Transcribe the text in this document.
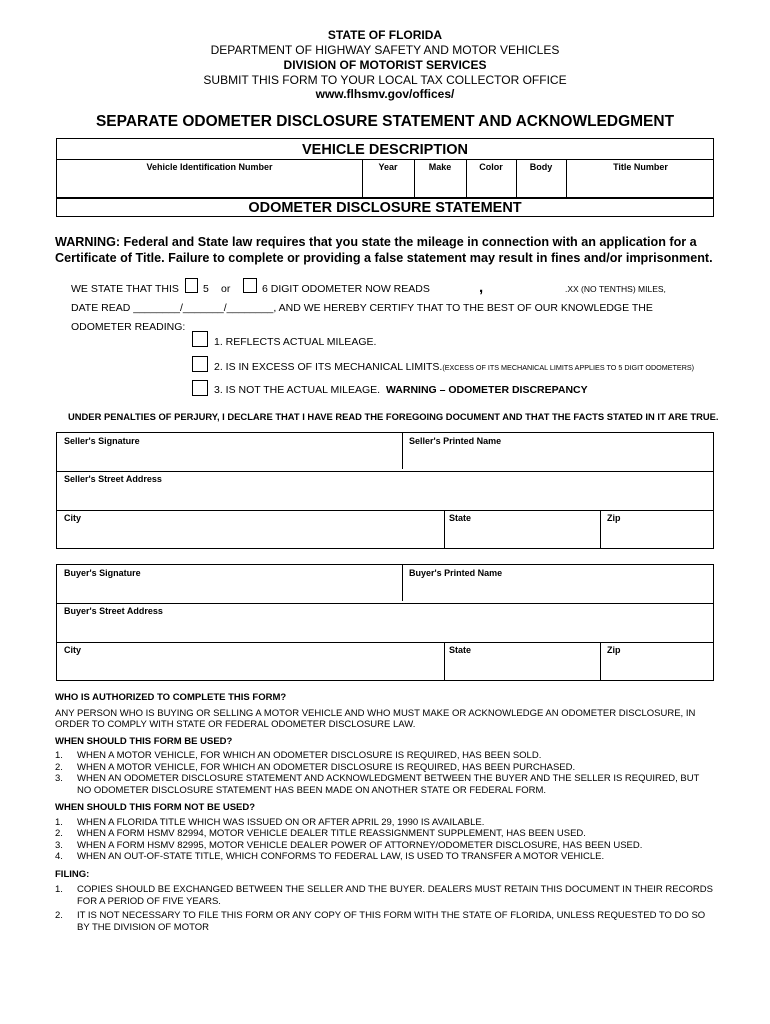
STATE OF FLORIDA
DEPARTMENT OF HIGHWAY SAFETY AND MOTOR VEHICLES
DIVISION OF MOTORIST SERVICES
SUBMIT THIS FORM TO YOUR LOCAL TAX COLLECTOR OFFICE
www.flhsmv.gov/offices/
SEPARATE ODOMETER DISCLOSURE STATEMENT AND ACKNOWLEDGMENT
VEHICLE DESCRIPTION
Vehicle Identification Number	Year	Make	Color	Body	Title Number
ODOMETER DISCLOSURE STATEMENT
WARNING: Federal and State law requires that you state the mileage in connection with an application for a Certificate of Title. Failure to complete or providing a false statement may result in fines and/or imprisonment.
WE STATE THAT THIS 5 or	6 DIGIT ODOMETER NOW READS	,	.XX (NO TENTHS) MILES,
DATE READ ________/_______/________, AND WE HEREBY CERTIFY THAT TO THE BEST OF OUR KNOWLEDGE THE
ODOMETER READING:
1. REFLECTS ACTUAL MILEAGE.
2. IS IN EXCESS OF ITS MECHANICAL LIMITS.(EXCESS OF ITS MECHANICAL LIMITS APPLIES TO 5 DIGIT ODOMETERS)
3. IS NOT THE ACTUAL MILEAGE. WARNING – ODOMETER DISCREPANCY
UNDER PENALTIES OF PERJURY, I DECLARE THAT I HAVE READ THE FOREGOING DOCUMENT AND THAT THE FACTS STATED IN IT ARE TRUE.
Seller's Signature	Seller's Printed Name
Seller's Street Address
City	State	Zip
Buyer's Signature	Buyer's Printed Name
Buyer's Street Address
City	State	Zip
WHO IS AUTHORIZED TO COMPLETE THIS FORM?
ANY PERSON WHO IS BUYING OR SELLING A MOTOR VEHICLE AND WHO MUST MAKE OR ACKNOWLEDGE AN ODOMETER DISCLOSURE, IN ORDER TO COMPLY WITH STATE OR FEDERAL ODOMETER DISCLOSURE LAW.
WHEN SHOULD THIS FORM BE USED?
1. WHEN A MOTOR VEHICLE, FOR WHICH AN ODOMETER DISCLOSURE IS REQUIRED, HAS BEEN SOLD.
2. WHEN A MOTOR VEHICLE, FOR WHICH AN ODOMETER DISCLOSURE IS REQUIRED, HAS BEEN PURCHASED.
3. WHEN AN ODOMETER DISCLOSURE STATEMENT AND ACKNOWLEDGMENT BETWEEN THE BUYER AND THE SELLER IS REQUIRED, BUT NO ODOMETER DISCLOSURE STATEMENT HAS BEEN MADE ON ANOTHER STATE OR FEDERAL FORM.
WHEN SHOULD THIS FORM NOT BE USED?
1. WHEN A FLORIDA TITLE WHICH WAS ISSUED ON OR AFTER APRIL 29, 1990 IS AVAILABLE.
2. WHEN A FORM HSMV 82994, MOTOR VEHICLE DEALER TITLE REASSIGNMENT SUPPLEMENT, HAS BEEN USED.
3. WHEN A FORM HSMV 82995, MOTOR VEHICLE DEALER POWER OF ATTORNEY/ODOMETER DISCLOSURE, HAS BEEN USED.
4. WHEN AN OUT-OF-STATE TITLE, WHICH CONFORMS TO FEDERAL LAW, IS USED TO TRANSFER A MOTOR VEHICLE.
FILING:
1. COPIES SHOULD BE EXCHANGED BETWEEN THE SELLER AND THE BUYER. DEALERS MUST RETAIN THIS DOCUMENT IN THEIR RECORDS FOR A PERIOD OF FIVE YEARS.
2. IT IS NOT NECESSARY TO FILE THIS FORM OR ANY COPY OF THIS FORM WITH THE STATE OF FLORIDA, UNLESS REQUESTED TO DO SO BY THE DIVISION OF MOTOR
